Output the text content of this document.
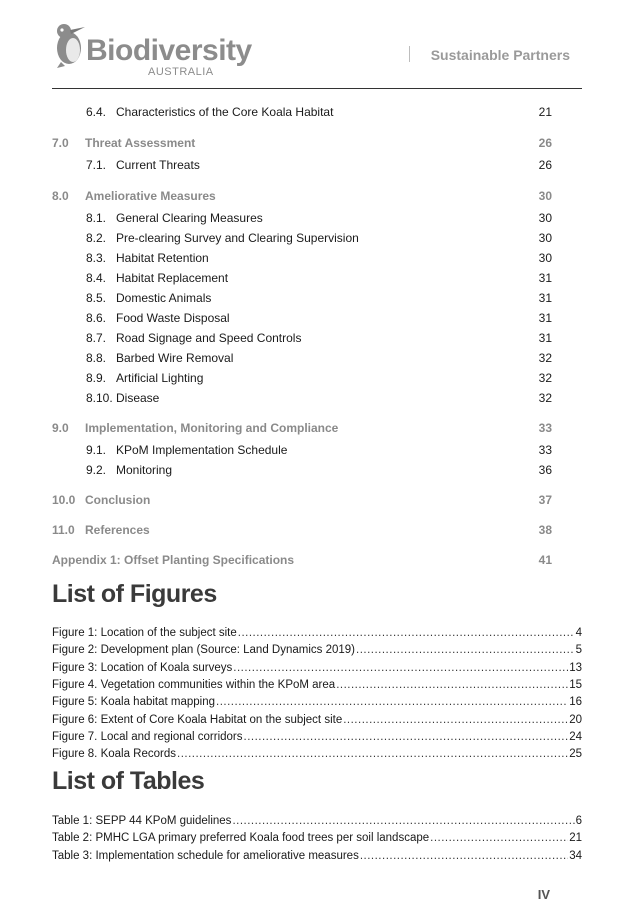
Biodiversity
AUSTRALIA
Sustainable Partners
6.4. Characteristics of the Core Koala Habitat	21
7.0 Threat Assessment	26
7.1. Current Threats	26
8.0 Ameliorative Measures	30
8.1. General Clearing Measures	30
8.2. Pre-clearing Survey and Clearing Supervision	30
8.3. Habitat Retention	30
8.4. Habitat Replacement	31
8.5. Domestic Animals	31
8.6. Food Waste Disposal	31
8.7. Road Signage and Speed Controls	31
8.8. Barbed Wire Removal	32
8.9. Artificial Lighting	32
8.10. Disease	32
9.0 Implementation, Monitoring and Compliance	33
9.1. KPoM Implementation Schedule	33
9.2. Monitoring	36
10.0 Conclusion	37
11.0 References	38
Appendix 1: Offset Planting Specifications	41
List of Figures
Figure 1: Location of the subject site .....	4
Figure 2: Development plan (Source: Land Dynamics 2019) .....	5
Figure 3: Location of Koala surveys .....	13
Figure 4. Vegetation communities within the KPoM area .....	15
Figure 5: Koala habitat mapping .....	16
Figure 6: Extent of Core Koala Habitat on the subject site .....	20
Figure 7. Local and regional corridors .....	24
Figure 8. Koala Records .....	25
List of Tables
Table 1: SEPP 44 KPoM guidelines .....	6
Table 2: PMHC LGA primary preferred Koala food trees per soil landscape .....	21
Table 3: Implementation schedule for ameliorative measures .....	34
IV
